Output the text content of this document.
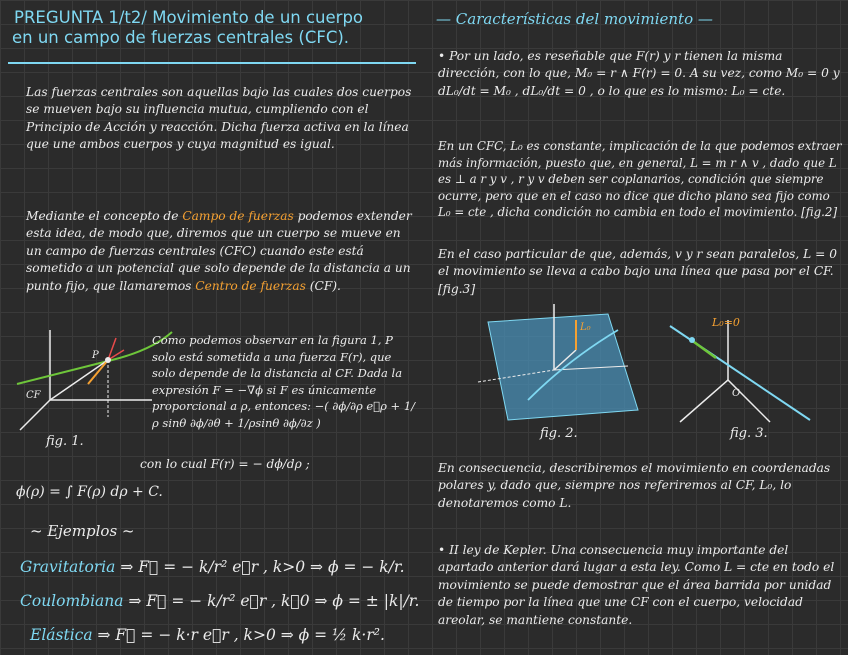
PREGUNTA 1/t2/ Movimiento de un cuerpo
en un campo de fuerzas centrales (CFC).
Las fuerzas centrales son aquellas bajo las cuales dos cuerpos se mueven bajo su influencia mutua, cumpliendo con el Principio de Acción y reacción. Dicha fuerza activa en la línea que une ambos cuerpos y cuya magnitud es igual.
Mediante el concepto de Campo de fuerzas podemos extender esta idea, de modo que, diremos que un cuerpo se mueve en un campo de fuerzas centrales (CFC) cuando este está sometido a un potencial que solo depende de la distancia a un punto fijo, que llamaremos Centro de fuerzas (CF).
P
CF
fig. 1.
Como podemos observar en la figura 1, P solo está sometida a una fuerza F(r), que solo depende de la distancia al CF. Dada la expresión F = −∇ϕ si F es únicamente proporcional a ρ, entonces: −( ∂ϕ/∂ρ e⃗ρ + 1/ρ sinθ ∂ϕ/∂θ + 1/ρsinθ ∂ϕ/∂z )
con lo cual F(r) = − dϕ/dρ ;
ϕ(ρ) = ∫ F(ρ) dρ + C.
~ Ejemplos ~
Gravitatoria ⇒ F⃗ = − k/r² e⃗r , k>0 ⇒ ϕ = − k/r.
Coulombiana ⇒ F⃗ = − k/r² e⃗r , k≷0 ⇒ ϕ = ± |k|/r.
Elástica ⇒ F⃗ = − k·r e⃗r , k>0 ⇒ ϕ = ½ k·r².
— Características del movimiento —
• Por un lado, es reseñable que F(r) y r tienen la misma dirección, con lo que, M₀ = r ∧ F(r) = 0. A su vez, como M₀ = 0 y dL₀/dt = M₀ , dL₀/dt = 0 , o lo que es lo mismo: L₀ = cte.
En un CFC, L₀ es constante, implicación de la que podemos extraer más información, puesto que, en general, L = m r ∧ v , dado que L es ⊥ a r y v , r y v deben ser coplanarios, condición que siempre ocurre, pero que en el caso no dice que dicho plano sea fijo como L₀ = cte , dicha condición no cambia en todo el movimiento. [fig.2]
En el caso particular de que, además, v y r sean paralelos, L = 0 el movimiento se lleva a cabo bajo una línea que pasa por el CF. [fig.3]
L₀
fig. 2.
O
L₀=0
fig. 3.
En consecuencia, describiremos el movimiento en coordenadas polares y, dado que, siempre nos referiremos al CF, L₀, lo denotaremos como L.
• II ley de Kepler. Una consecuencia muy importante del apartado anterior dará lugar a esta ley. Como L = cte en todo el movimiento se puede demostrar que el área barrida por unidad de tiempo por la línea que une CF con el cuerpo, velocidad areolar, se mantiene constante.
